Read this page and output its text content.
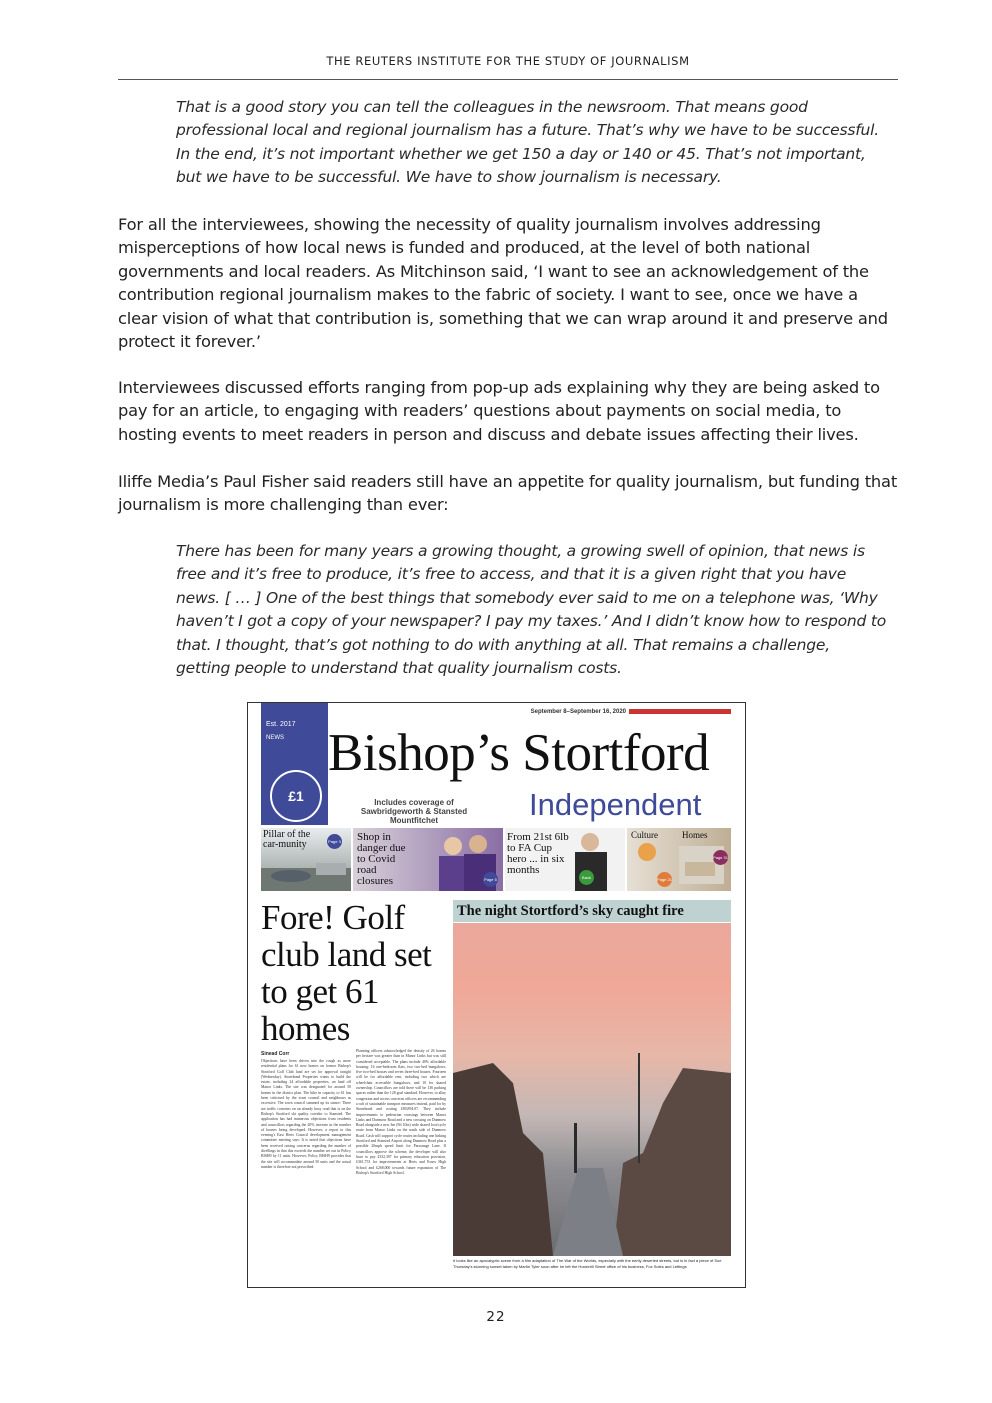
THE REUTERS INSTITUTE FOR THE STUDY OF JOURNALISM

That is a good story you can tell the colleagues in the newsroom. That means good professional local and regional journalism has a future. That’s why we have to be successful. In the end, it’s not important whether we get 150 a day or 140 or 45. That’s not important, but we have to be successful. We have to show journalism is necessary.

For all the interviewees, showing the necessity of quality journalism involves addressing misperceptions of how local news is funded and produced, at the level of both national governments and local readers. As Mitchinson said, ‘I want to see an acknowledgement of the contribution regional journalism makes to the fabric of society. I want to see, once we have a clear vision of what that contribution is, something that we can wrap around it and preserve and protect it forever.’

Interviewees discussed efforts ranging from pop-up ads explaining why they are being asked to pay for an article, to engaging with readers’ questions about payments on social media, to hosting events to meet readers in person and discuss and debate issues affecting their lives.

Iliffe Media’s Paul Fisher said readers still have an appetite for quality journalism, but funding that journalism is more challenging than ever:

There has been for many years a growing thought, a growing swell of opinion, that news is free and it’s free to produce, it’s free to access, and that it is a given right that you have news. [ … ] One of the best things that somebody ever said to me on a telephone was, ‘Why haven’t I got a copy of your newspaper? I pay my taxes.’ And I didn’t know how to respond to that. I thought, that’s got nothing to do with anything at all. That remains a challenge, getting people to understand that quality journalism costs.

September 8–September 16, 2020
Est. 2017
NEWS
£1
Bishop’s Stortford
Includes coverage of Sawbridgeworth & Stansted Mountfitchet	Independent
Pillar of the car-munity	Page 3 Shop in danger due to Covid road closures	Page 5
From 21st 6lb to FA Cup hero ... in six months
Back pages
Culture	Homes
Page 21
Page 31
Fore! Golf club land set to get 61 homes
Sinead Corr
Objections have been driven into the rough as more residential plans for 61 new homes on former Bishop's Stortford Golf Club land are set for approval tonight (Wednesday). Stonebond Properties wants to build the estate, including 24 affordable properties, on land off Manor Links. The site was designated for around 50 homes in the district plan. The hike in capacity to 61 has been criticised by the town council and neighbours as excessive. The town council summed up its stance: There are traffic concerns on an already busy road that is on the Bishop's Stortford ski quality corridor to Stansted. The application has had numerous objections from residents and councillors regarding the 20% increase in the number of houses being developed. However, a report to this evening's East Herts Council development management committee meeting says: It is noted that objections have been received raising concerns regarding the number of dwellings in that this exceeds the number set out in Policy BISH9 by 11 units. However, Policy BISH9 provides that the site will accommodate around 50 units and the actual number is therefore not prescribed.
Planning officers acknowledged the density of 26 homes per hectare was greater than in Manor Links but was still considered acceptable. The plans include 40% affordable housing: 16 one-bedroom flats, two two-bed bungalows, five two-bed houses and seven three-bed houses. Fourteen will be for affordable rent, including two which are wheelchair accessible bungalows, and 10 for shared ownership. Councillors are told there will be 136 parking spaces rather than the 128 goal standard. However, to allay congestion and access concerns officers are recommending a raft of sustainable transport measures instead, paid for by Stonebond and costing £80,894.07. They include improvements to pedestrian crossings between Manor Links and Dunmow Road and a new crossing on Dunmow Road alongside a new 3m (9ft 10in) wide shared foot/cycle route from Manor Links on the south side of Dunmow Road. Cash will support cycle routes including one linking Stortford and Stansted Airport along Dunmow Road plus a possible 20mph speed limit for Parsonage Lane. If councillors approve the scheme, the developer will also have to pay £332,397 for primary education provision, £361,753 for improvements at Herts and Essex High School and £268,000 towards future expansion of The Bishop's Stortford High School.
The night Stortford’s sky caught fire
It looks like an apocalyptic scene from a film adaptation of The War of the Worlds, especially with the eerily deserted streets, but is in fact a piece of Sue Thursday's stunning sunset taken by Martin Tyler soon after he left the Hockerill Street office of his business, Fox Soles and Lettings
22
